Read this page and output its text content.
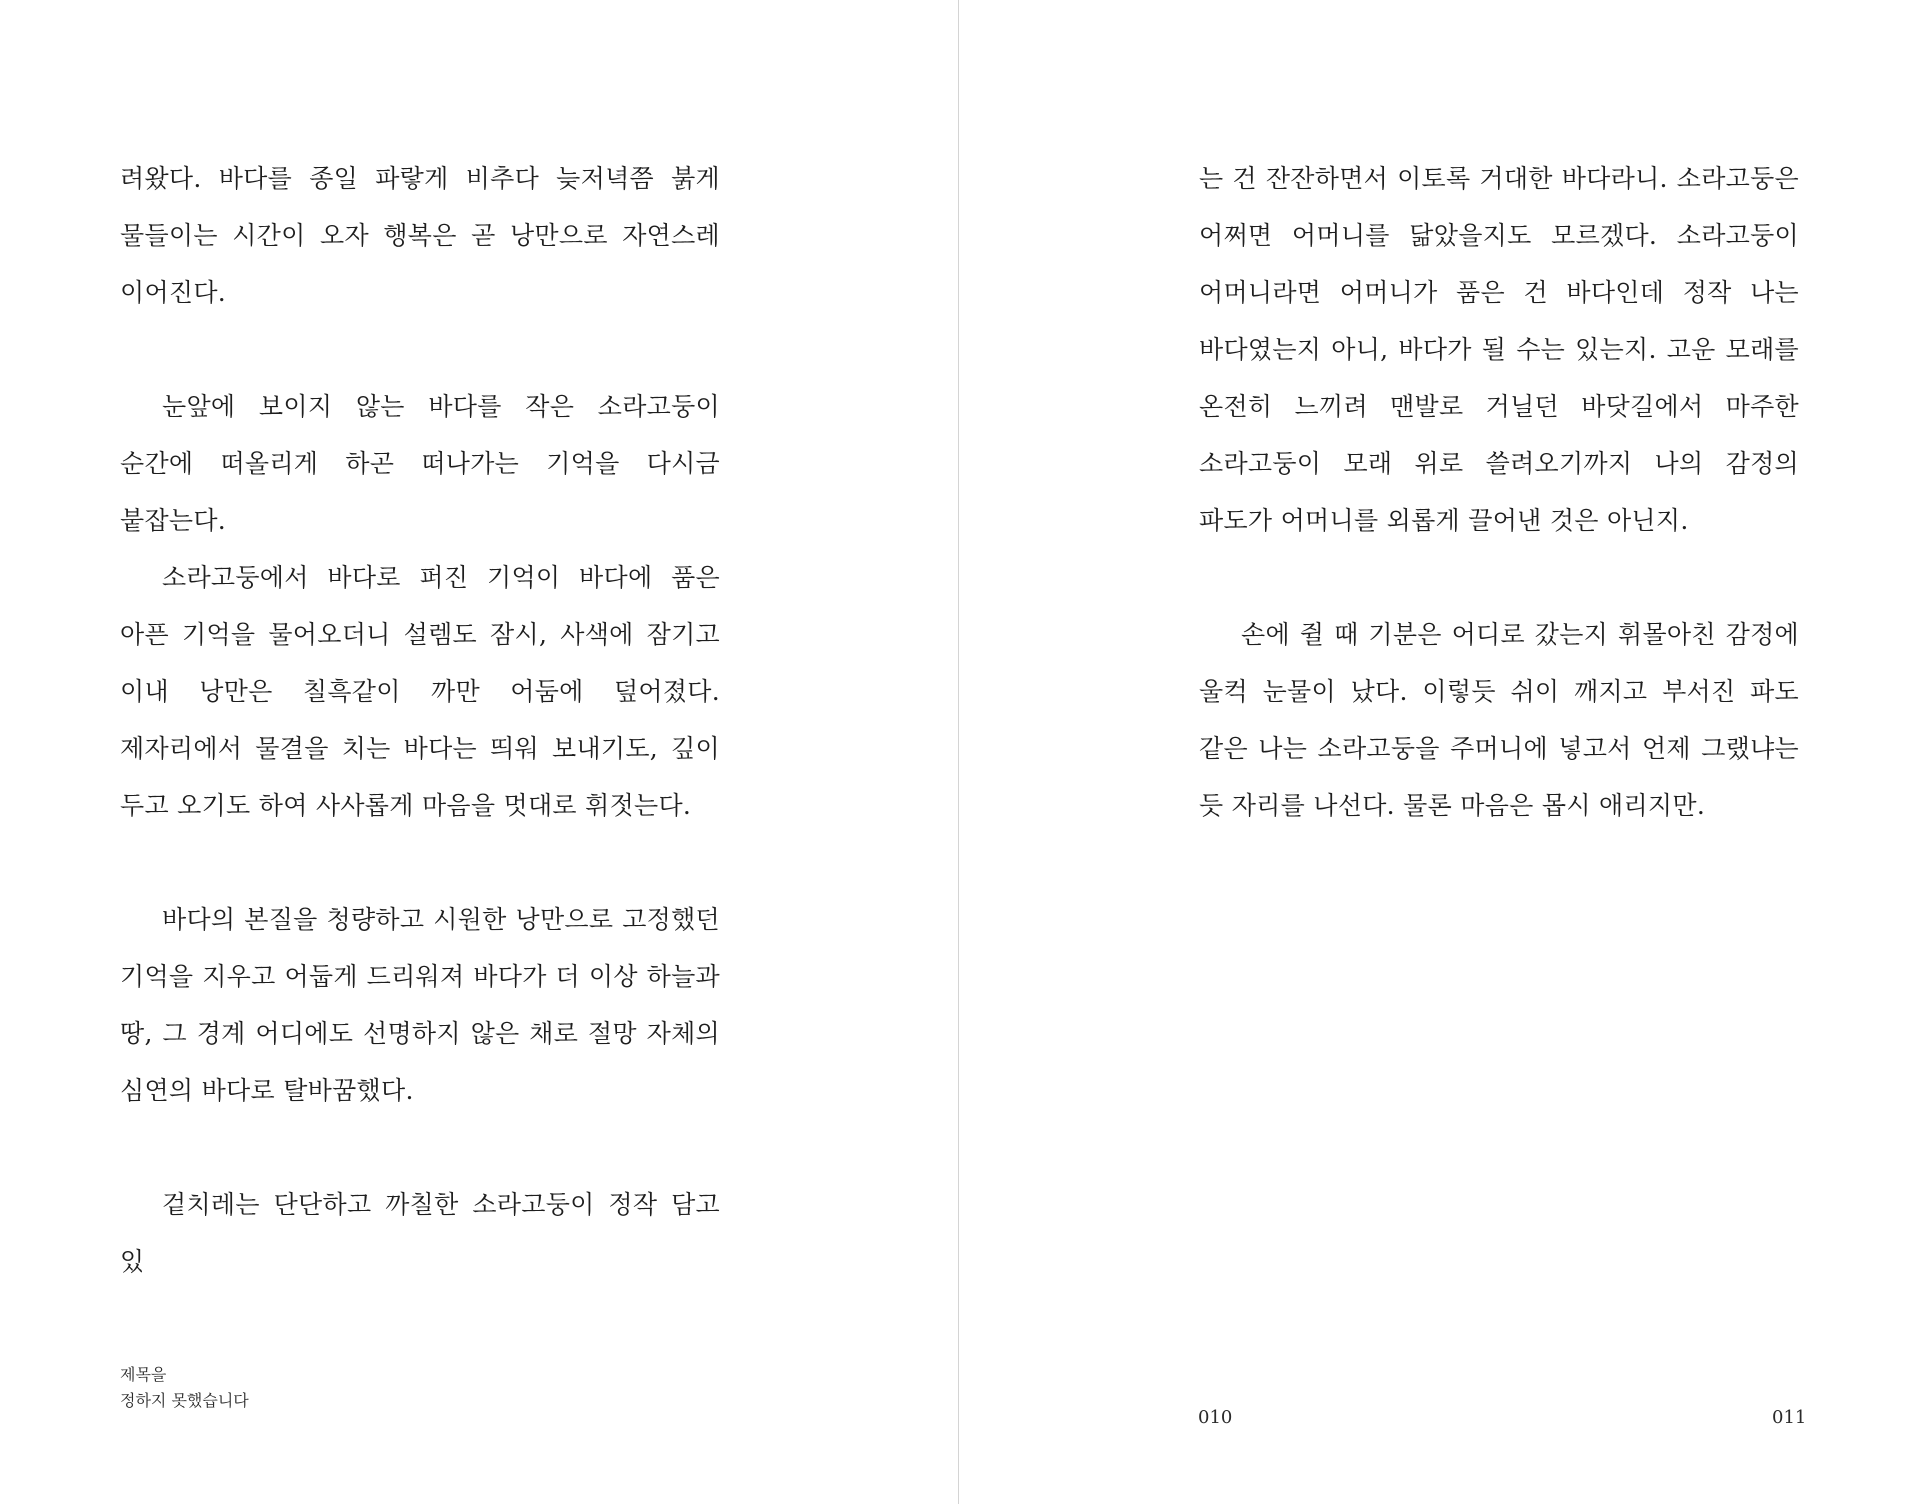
려왔다. 바다를 종일 파랗게 비추다 늦저녁쯤 붉게 물들이는 시간이 오자 행복은 곧 낭만으로 자연스레 이어진다.

눈앞에 보이지 않는 바다를 작은 소라고둥이 순간에 떠올리게 하곤 떠나가는 기억을 다시금 붙잡는다.

소라고둥에서 바다로 퍼진 기억이 바다에 품은 아픈 기억을 물어오더니 설렘도 잠시, 사색에 잠기고 이내 낭만은 칠흑같이 까만 어둠에 덮어졌다. 제자리에서 물결을 치는 바다는 띄워 보내기도, 깊이 두고 오기도 하여 사사롭게 마음을 멋대로 휘젓는다.

바다의 본질을 청량하고 시원한 낭만으로 고정했던 기억을 지우고 어둡게 드리워져 바다가 더 이상 하늘과 땅, 그 경계 어디에도 선명하지 않은 채로 절망 자체의 심연의 바다로 탈바꿈했다.

겉치레는 단단하고 까칠한 소라고둥이 정작 담고 있

제목을
정하지 못했습니다

는 건 잔잔하면서 이토록 거대한 바다라니. 소라고둥은 어쩌면 어머니를 닮았을지도 모르겠다. 소라고둥이 어머니라면 어머니가 품은 건 바다인데 정작 나는 바다였는지 아니, 바다가 될 수는 있는지. 고운 모래를 온전히 느끼려 맨발로 거닐던 바닷길에서 마주한 소라고둥이 모래 위로 쓸려오기까지 나의 감정의 파도가 어머니를 외롭게 끌어낸 것은 아닌지.

손에 쥘 때 기분은 어디로 갔는지 휘몰아친 감정에 울컥 눈물이 났다. 이렇듯 쉬이 깨지고 부서진 파도 같은 나는 소라고둥을 주머니에 넣고서 언제 그랬냐는 듯 자리를 나선다. 물론 마음은 몹시 애리지만.

010	011
